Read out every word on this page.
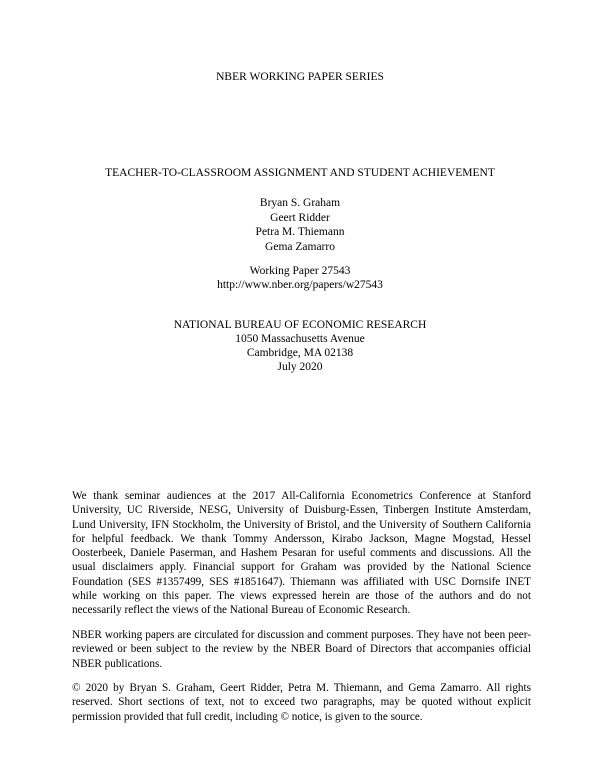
NBER WORKING PAPER SERIES
TEACHER-TO-CLASSROOM ASSIGNMENT AND STUDENT ACHIEVEMENT
Bryan S. Graham
Geert Ridder
Petra M. Thiemann
Gema Zamarro
Working Paper 27543
http://www.nber.org/papers/w27543
NATIONAL BUREAU OF ECONOMIC RESEARCH
1050 Massachusetts Avenue
Cambridge, MA 02138
July 2020

We thank seminar audiences at the 2017 All-California Econometrics Conference at Stanford University, UC Riverside, NESG, University of Duisburg-Essen, Tinbergen Institute Amsterdam, Lund University, IFN Stockholm, the University of Bristol, and the University of Southern California for helpful feedback. We thank Tommy Andersson, Kirabo Jackson, Magne Mogstad, Hessel Oosterbeek, Daniele Paserman, and Hashem Pesaran for useful comments and discussions. All the usual disclaimers apply. Financial support for Graham was provided by the National Science Foundation (SES #1357499, SES #1851647). Thiemann was affiliated with USC Dornsife INET while working on this paper. The views expressed herein are those of the authors and do not necessarily reflect the views of the National Bureau of Economic Research.

NBER working papers are circulated for discussion and comment purposes. They have not been peer-reviewed or been subject to the review by the NBER Board of Directors that accompanies official NBER publications.

© 2020 by Bryan S. Graham, Geert Ridder, Petra M. Thiemann, and Gema Zamarro. All rights reserved. Short sections of text, not to exceed two paragraphs, may be quoted without explicit permission provided that full credit, including © notice, is given to the source.
